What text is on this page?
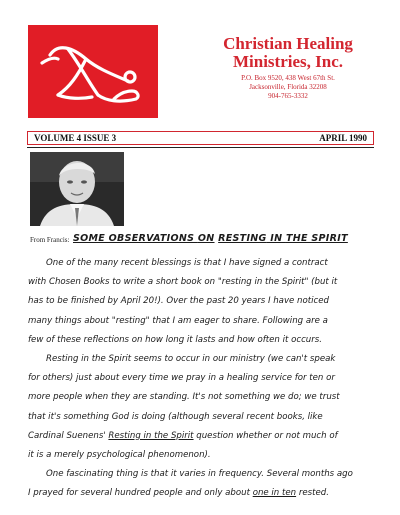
Christian Healing
Ministries, Inc.
P.O. Box 9520, 438 West 67th St.
Jacksonville, Florida 32208
904-765-3332
VOLUME 4 ISSUE 3	APRIL 1990
From Francis: SOME OBSERVATIONS ON RESTING IN THE SPIRIT
One of the many recent blessings is that I have signed a contract
with Chosen Books to write a short book on "resting in the Spirit" (but it
has to be finished by April 20!). Over the past 20 years I have noticed
many things about "resting" that I am eager to share. Following are a
few of these reflections on how long it lasts and how often it occurs.
Resting in the Spirit seems to occur in our ministry (we can't speak
for others) just about every time we pray in a healing service for ten or
more people when they are standing. It's not something we do; we trust
that it's something God is doing (although several recent books, like
Cardinal Suenens' Resting in the Spirit question whether or not much of
it is a merely psychological phenomenon).
One fascinating thing is that it varies in frequency. Several months ago
I prayed for several hundred people and only about one in ten rested.
